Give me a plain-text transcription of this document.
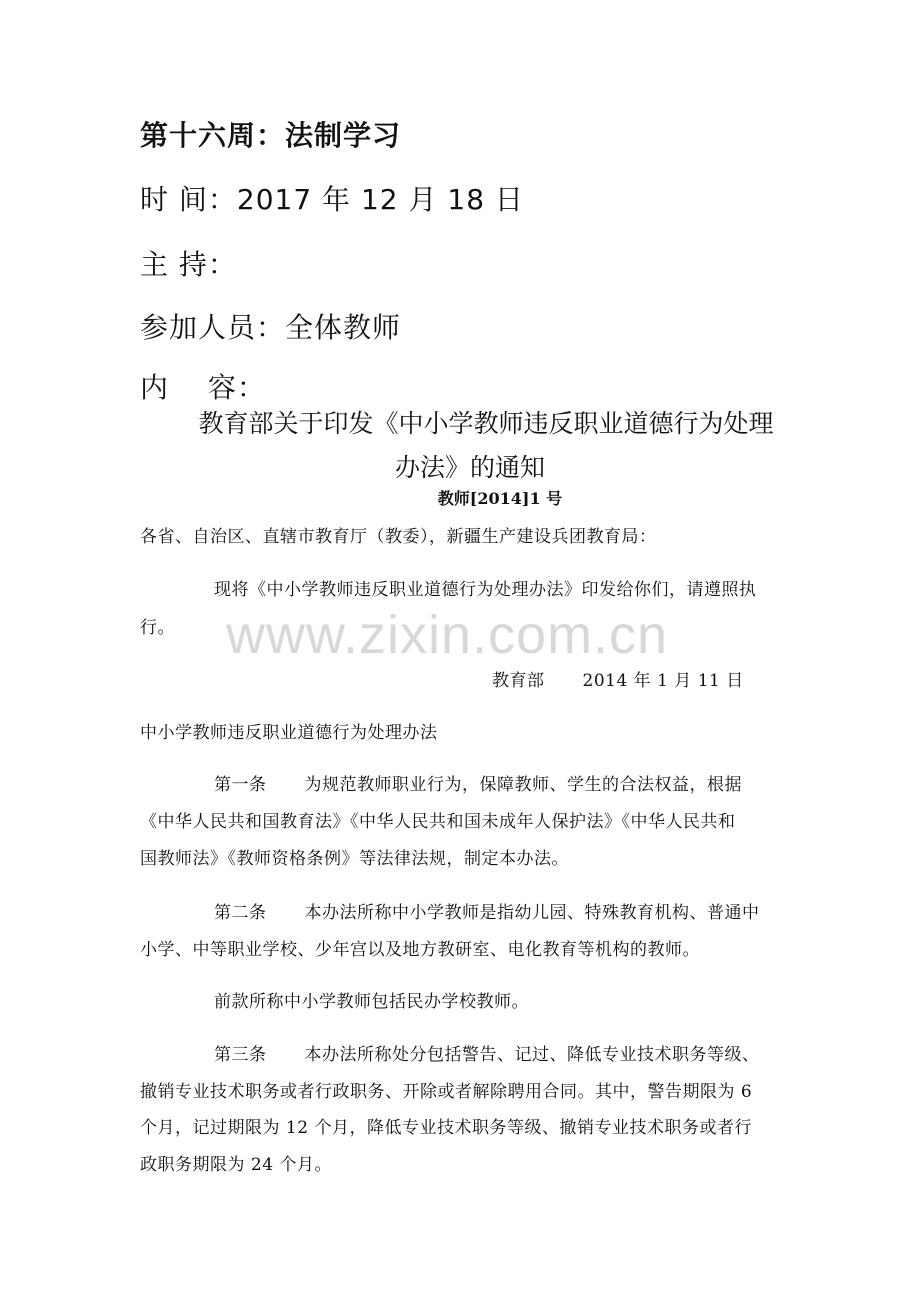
第十六周：法制学习
时 间：2017 年 12 月 18 日
主 持：
参加人员：全体教师
内　 容：
教育部关于印发《中小学教师违反职业道德行为处理
办法》的通知
教师[2014]1 号
各省、自治区、直辖市教育厅（教委），新疆生产建设兵团教育局：
现将《中小学教师违反职业道德行为处理办法》印发给你们，请遵照执
行。
教育部 2014 年 1 月 11 日
中小学教师违反职业道德行为处理办法
第一条 为规范教师职业行为，保障教师、学生的合法权益，根据
《中华人民共和国教育法》《中华人民共和国未成年人保护法》《中华人民共和
国教师法》《教师资格条例》等法律法规，制定本办法。
第二条 本办法所称中小学教师是指幼儿园、特殊教育机构、普通中
小学、中等职业学校、少年宫以及地方教研室、电化教育等机构的教师。
前款所称中小学教师包括民办学校教师。
第三条 本办法所称处分包括警告、记过、降低专业技术职务等级、
撤销专业技术职务或者行政职务、开除或者解除聘用合同。其中，警告期限为 6
个月，记过期限为 12 个月，降低专业技术职务等级、撤销专业技术职务或者行
政职务期限为 24 个月。
www.zixin.com.cn
